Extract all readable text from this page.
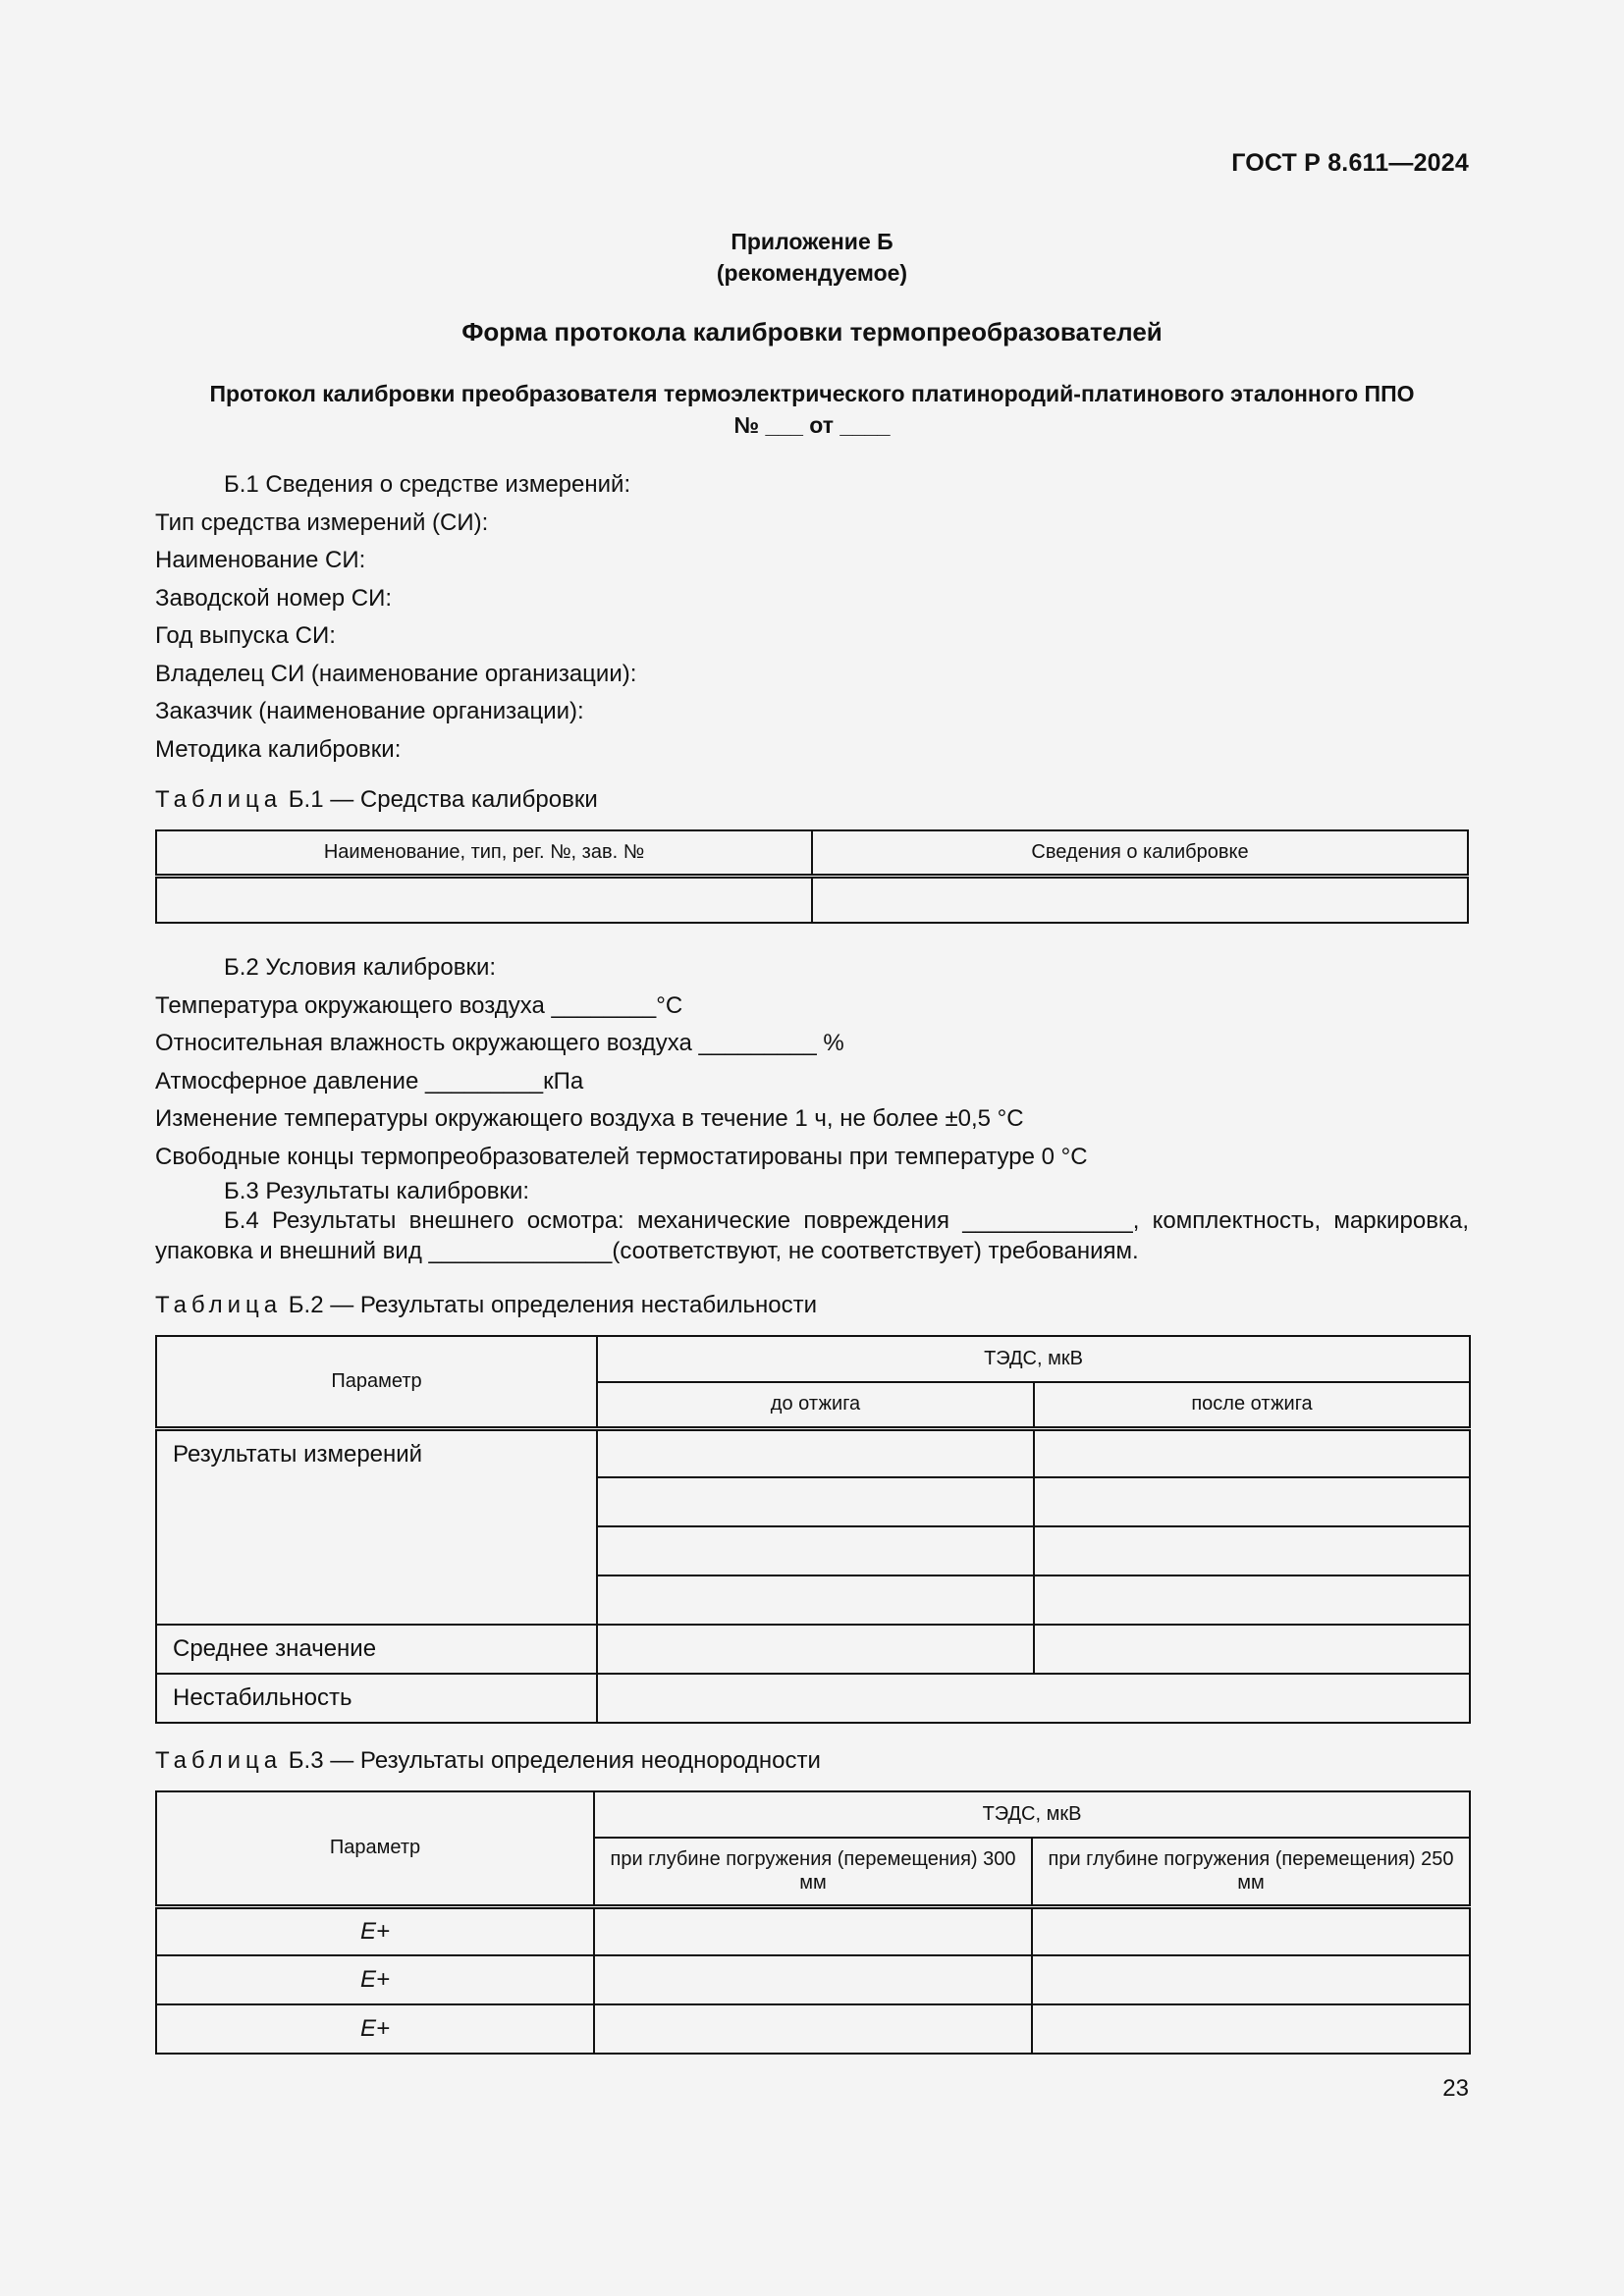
ГОСТ Р 8.611—2024
Приложение Б
(рекомендуемое)
Форма протокола калибровки термопреобразователей
Протокол калибровки преобразователя термоэлектрического платинородий-платинового эталонного ППО
№ ___ от ____
Б.1 Сведения о средстве измерений:
Тип средства измерений (СИ):
Наименование СИ:
Заводской номер СИ:
Год выпуска СИ:
Владелец СИ (наименование организации):
Заказчик (наименование организации):
Методика калибровки:
Таблица Б.1 — Средства калибровки
Наименование, тип, рег. №, зав. №	Сведения о калибровке

Б.2 Условия калибровки:
Температура окружающего воздуха ________°С
Относительная влажность окружающего воздуха _________ %
Атмосферное давление _________кПа
Изменение температуры окружающего воздуха в течение 1 ч, не более ±0,5 °С
Свободные концы термопреобразователей термостатированы при температуре 0 °С
Б.3 Результаты калибровки:
Б.4 Результаты внешнего осмотра: механические повреждения _____________, комплектность, маркировка,
упаковка и внешний вид ______________(соответствуют, не соответствует) требованиям.
Таблица Б.2 — Результаты определения нестабильности
Параметр	ТЭДС, мкВ	
	до отжига	после отжига
Результаты измерений		

Среднее значение		
Нестабильность		
Таблица Б.3 — Результаты определения неоднородности
Параметр	ТЭДС, мкВ	
	при глубине погружения (перемещения) 300 мм	при глубине погружения (перемещения) 250 мм
E+		
E+		
E+		
23
